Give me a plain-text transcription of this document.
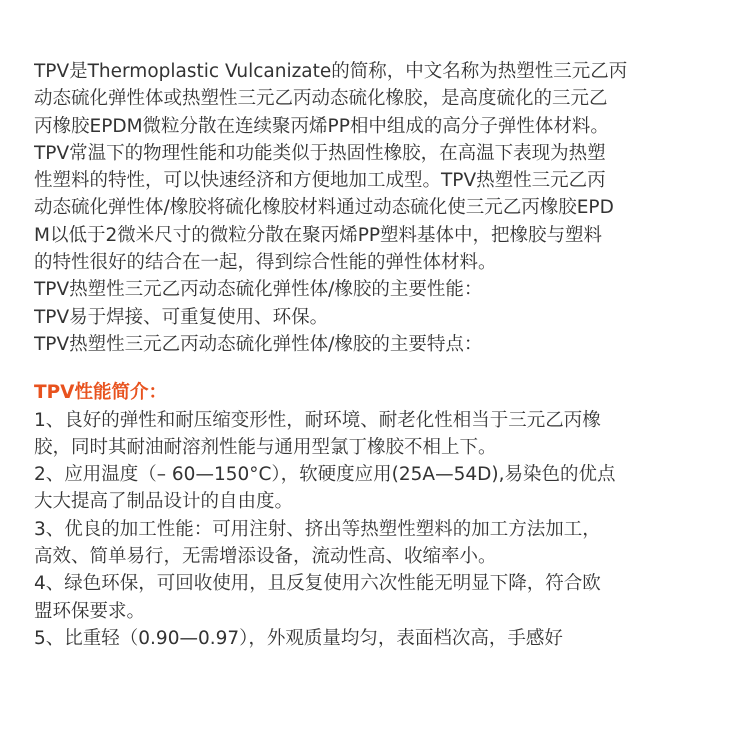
TPV是Thermoplastic Vulcanizate的简称，中文名称为热塑性三元乙丙
动态硫化弹性体或热塑性三元乙丙动态硫化橡胶，是高度硫化的三元乙
丙橡胶EPDM微粒分散在连续聚丙烯PP相中组成的高分子弹性体材料。
TPV常温下的物理性能和功能类似于热固性橡胶，在高温下表现为热塑
性塑料的特性，可以快速经济和方便地加工成型。TPV热塑性三元乙丙
动态硫化弹性体/橡胶将硫化橡胶材料通过动态硫化使三元乙丙橡胶EPD
M以低于2微米尺寸的微粒分散在聚丙烯PP塑料基体中，把橡胶与塑料
的特性很好的结合在一起，得到综合性能的弹性体材料。
TPV热塑性三元乙丙动态硫化弹性体/橡胶的主要性能：
TPV易于焊接、可重复使用、环保。
TPV热塑性三元乙丙动态硫化弹性体/橡胶的主要特点：
TPV性能简介：
1、良好的弹性和耐压缩变形性，耐环境、耐老化性相当于三元乙丙橡
胶，同时其耐油耐溶剂性能与通用型氯丁橡胶不相上下。
2、应用温度（– 60—150°C），软硬度应用(25A—54D),易染色的优点
大大提高了制品设计的自由度。
3、优良的加工性能：可用注射、挤出等热塑性塑料的加工方法加工，
高效、简单易行，无需增添设备，流动性高、收缩率小。
4、绿色环保，可回收使用，且反复使用六次性能无明显下降，符合欧
盟环保要求。
5、比重轻（0.90—0.97），外观质量均匀，表面档次高，手感好
